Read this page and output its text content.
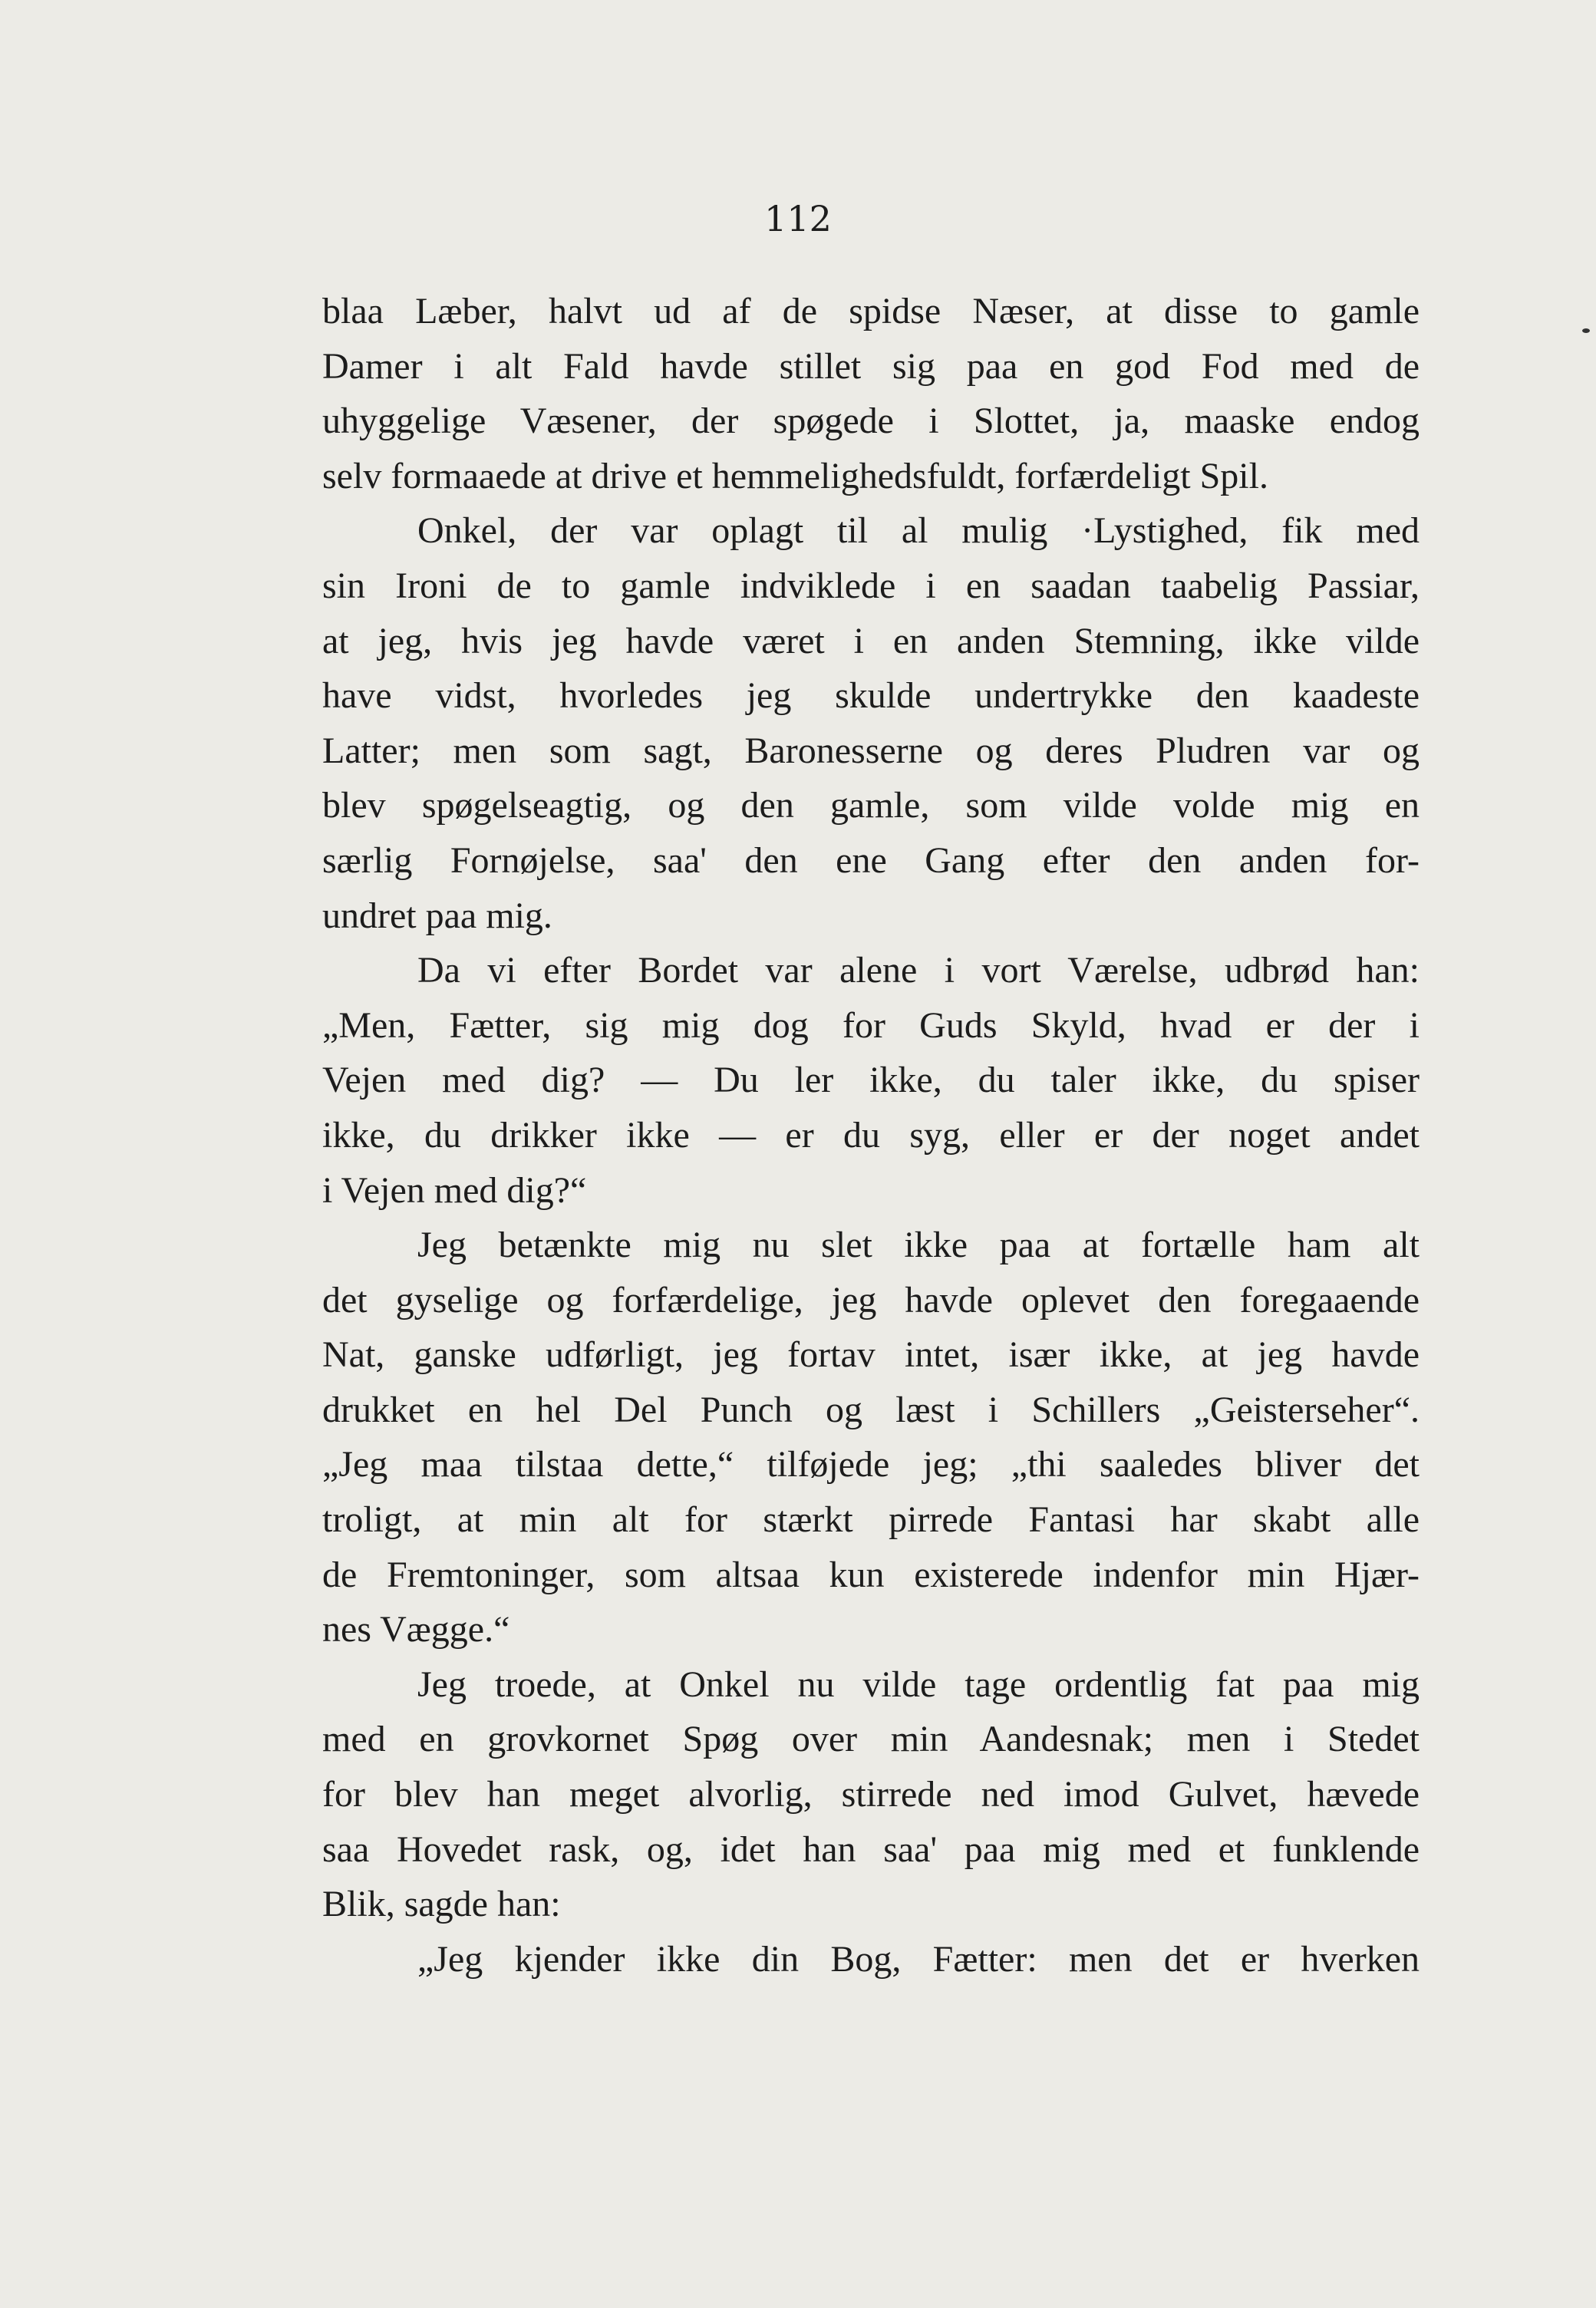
112
blaa Læber, halvt ud af de spidse Næser, at disse to gamle
Damer i alt Fald havde stillet sig paa en god Fod med de
uhyggelige Væsener, der spøgede i Slottet, ja, maaske endog
selv formaaede at drive et hemmelighedsfuldt, forfærdeligt Spil.
Onkel, der var oplagt til al mulig ·Lystighed, fik med
sin Ironi de to gamle indviklede i en saadan taabelig Passiar,
at jeg, hvis jeg havde været i en anden Stemning, ikke vilde
have vidst, hvorledes jeg skulde undertrykke den kaadeste
Latter; men som sagt, Baronesserne og deres Pludren var og
blev spøgelseagtig, og den gamle, som vilde volde mig en
særlig Fornøjelse, saa' den ene Gang efter den anden for-
undret paa mig.
Da vi efter Bordet var alene i vort Værelse, udbrød han:
„Men, Fætter, sig mig dog for Guds Skyld, hvad er der i
Vejen med dig? — Du ler ikke, du taler ikke, du spiser
ikke, du drikker ikke — er du syg, eller er der noget andet
i Vejen med dig?“
Jeg betænkte mig nu slet ikke paa at fortælle ham alt
det gyselige og forfærdelige, jeg havde oplevet den foregaaende
Nat, ganske udførligt, jeg fortav intet, især ikke, at jeg havde
drukket en hel Del Punch og læst i Schillers „Geisterseher“.
„Jeg maa tilstaa dette,“ tilføjede jeg; „thi saaledes bliver det
troligt, at min alt for stærkt pirrede Fantasi har skabt alle
de Fremtoninger, som altsaa kun existerede indenfor min Hjær-
nes Vægge.“
Jeg troede, at Onkel nu vilde tage ordentlig fat paa mig
med en grovkornet Spøg over min Aandesnak; men i Stedet
for blev han meget alvorlig, stirrede ned imod Gulvet, hævede
saa Hovedet rask, og, idet han saa' paa mig med et funklende
Blik, sagde han:
„Jeg kjender ikke din Bog, Fætter: men det er hverken
